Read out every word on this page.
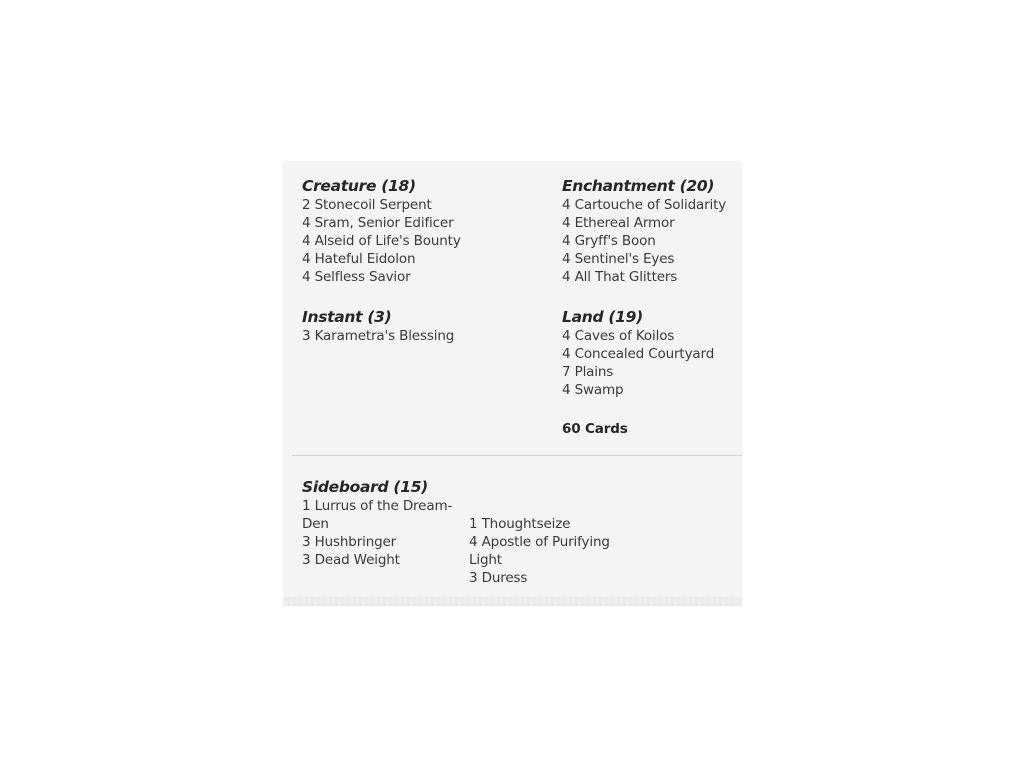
Creature (18)
2 Stonecoil Serpent
4 Sram, Senior Edificer
4 Alseid of Life's Bounty
4 Hateful Eidolon
4 Selfless Savior
Instant (3)
3 Karametra's Blessing
Enchantment (20)
4 Cartouche of Solidarity
4 Ethereal Armor
4 Gryff's Boon
4 Sentinel's Eyes
4 All That Glitters
Land (19)
4 Caves of Koilos
4 Concealed Courtyard
7 Plains
4 Swamp
60 Cards
Sideboard (15)
1 Lurrus of the Dream-Den
3 Hushbringer
3 Dead Weight
1 Thoughtseize
4 Apostle of Purifying Light
3 Duress
